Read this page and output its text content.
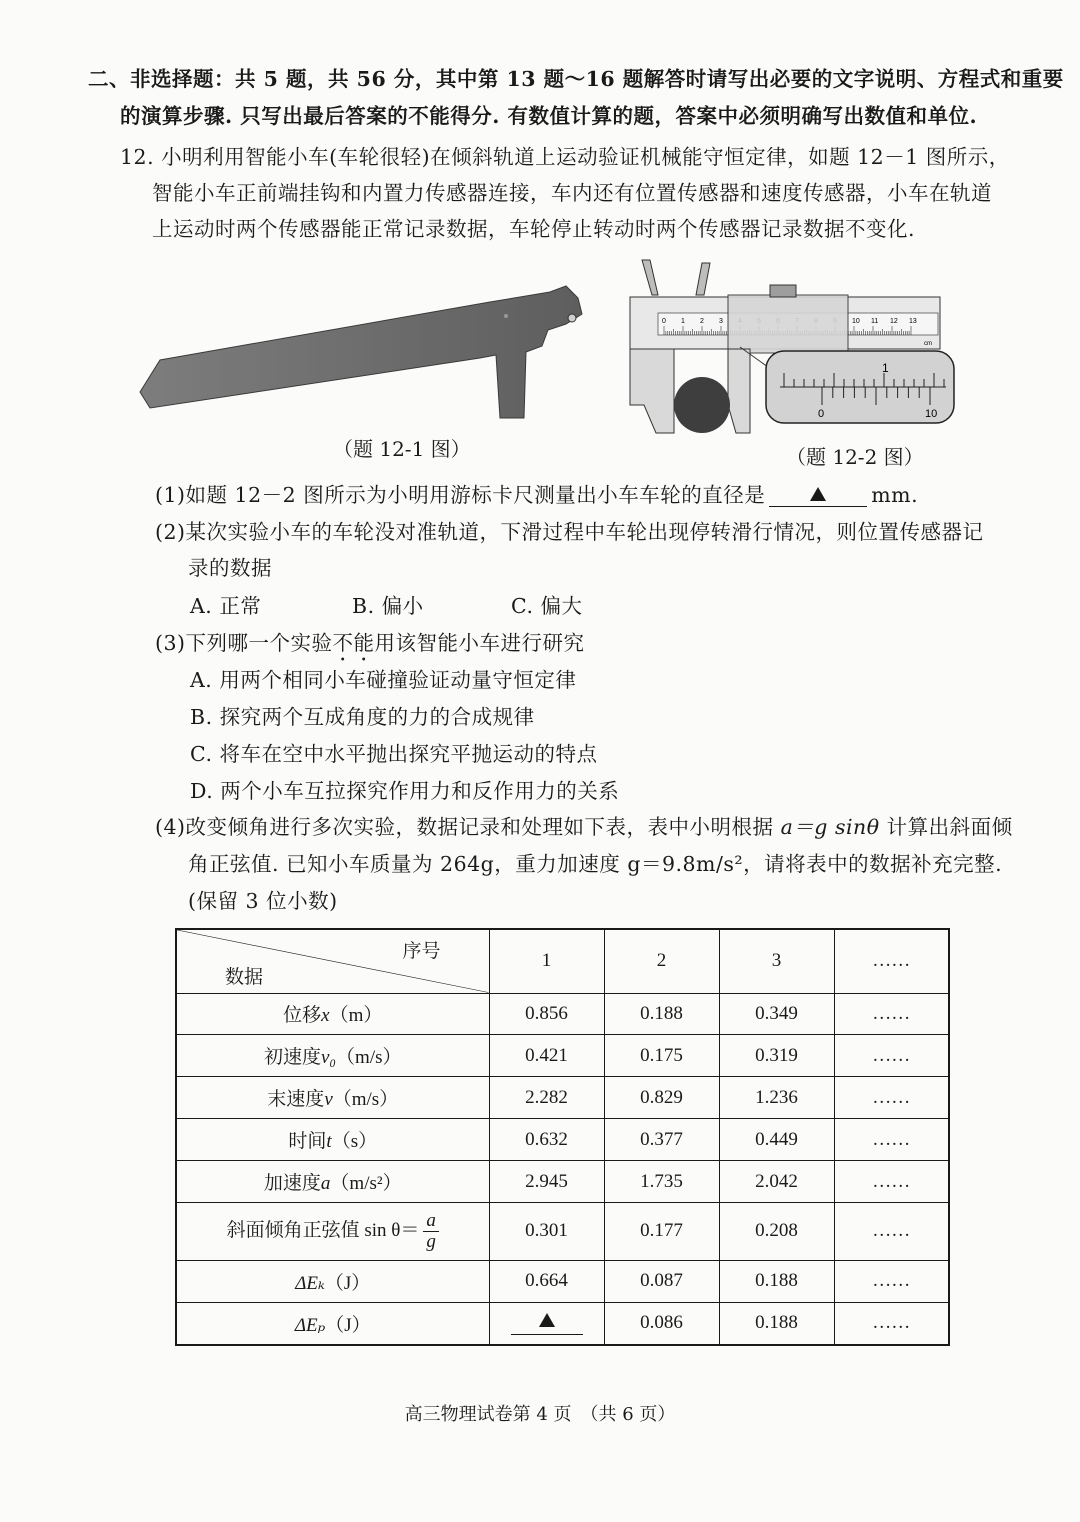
二、非选择题：共 5 题，共 56 分，其中第 13 题～16 题解答时请写出必要的文字说明、方程式和重要
的演算步骤. 只写出最后答案的不能得分. 有数值计算的题，答案中必须明确写出数值和单位.
12. 小明利用智能小车(车轮很轻)在倾斜轨道上运动验证机械能守恒定律，如题 12－1 图所示，
智能小车正前端挂钩和内置力传感器连接，车内还有位置传感器和速度传感器，小车在轨道
上运动时两个传感器能正常记录数据，车轮停止转动时两个传感器记录数据不变化.
（题 12-1 图）
0 1 2 3	10 11 12 13
cm
1
0	10
（题 12-2 图）
(1)如题 12－2 图所示为小明用游标卡尺测量出小车车轮的直径是	mm.
(2)某次实验小车的车轮没对准轨道，下滑过程中车轮出现停转滑行情况，则位置传感器记
录的数据
A. 正常	B. 偏小	C. 偏大
(3)下列哪一个实验不能用该智能小车进行研究
A. 用两个相同小车碰撞验证动量守恒定律
B. 探究两个互成角度的力的合成规律
C. 将车在空中水平抛出探究平抛运动的特点
D. 两个小车互拉探究作用力和反作用力的关系
(4)改变倾角进行多次实验，数据记录和处理如下表，表中小明根据 a＝g sinθ 计算出斜面倾
角正弦值. 已知小车质量为 264g，重力加速度 g＝9.8m/s²，请将表中的数据补充完整.
(保留 3 位小数)
序号
数据	1	2	3	……
位移x（m）	0.856	0.188	0.349	……
初速度v₀（m/s）	0.421	0.175	0.319	……
末速度v（m/s）	2.282	0.829	1.236	……
时间t（s）	0.632	0.377	0.449	……
加速度a（m/s²）	2.945	1.735	2.042	……
斜面倾角正弦值 $\sin \theta= \frac{a}{g}$	0.301	0.177	0.208	……
ΔEₖ（J）	0.664	0.087	0.188	……
ΔEₚ（J）		0.086	0.188	……
高三物理试卷第 4 页　（共 6 页）
